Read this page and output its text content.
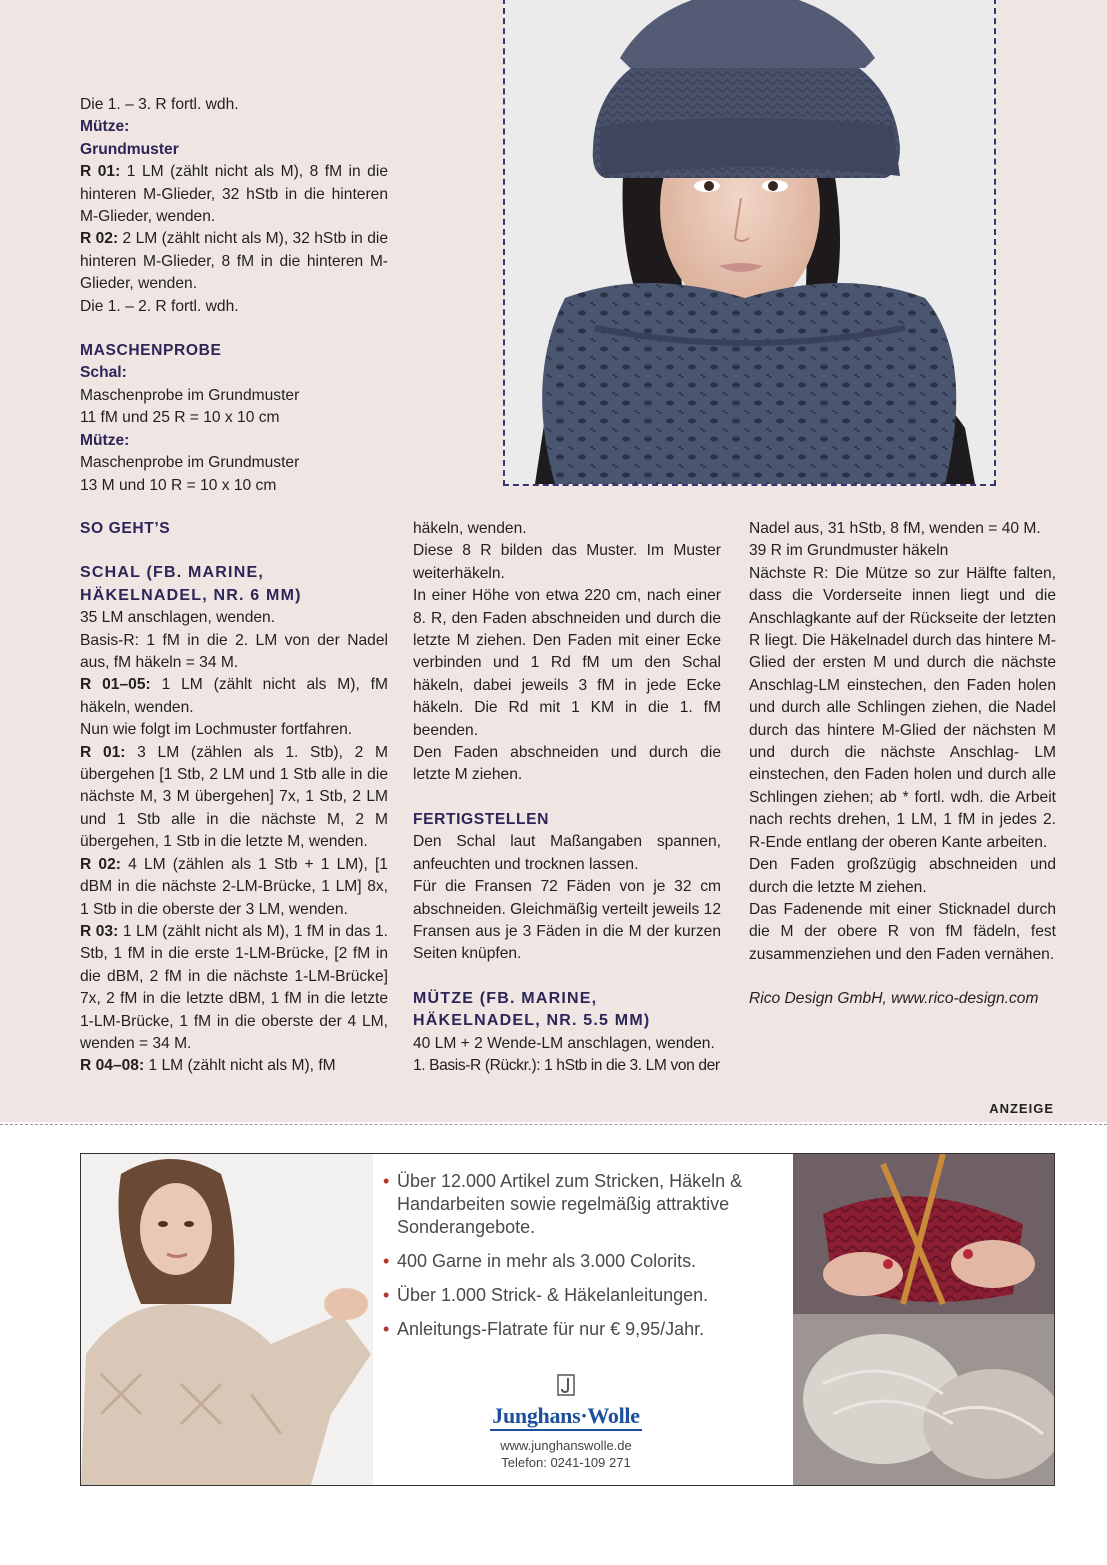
Die 1. – 3. R fortl. wdh.

Mütze:

Grundmuster

R 01: 1 LM (zählt nicht als M), 8 fM in die hinteren M-Glieder, 32 hStb in die hinteren M-Glieder, wenden.

R 02: 2 LM (zählt nicht als M), 32 hStb in die hinteren M-Glieder, 8 fM in die hinteren M-Glieder, wenden.

Die 1. – 2. R fortl. wdh.

MASCHENPROBE

Schal:

Maschenprobe im Grundmuster

11 fM und 25 R = 10 x 10 cm

Mütze:

Maschenprobe im Grundmuster

13 M und 10 R = 10 x 10 cm

SO GEHT’S

SCHAL (FB. MARINE, HÄKELNADEL, NR. 6 MM)

35 LM anschlagen, wenden.

Basis-R: 1 fM in die 2. LM von der Nadel aus, fM häkeln = 34 M.

R 01–05: 1 LM (zählt nicht als M), fM häkeln, wenden.

Nun wie folgt im Lochmuster fortfahren.

R 01: 3 LM (zählen als 1. Stb), 2 M übergehen [1 Stb, 2 LM und 1 Stb alle in die nächste M, 3 M übergehen] 7x, 1 Stb, 2 LM und 1 Stb alle in die nächste M, 2 M übergehen, 1 Stb in die letzte M, wenden.

R 02: 4 LM (zählen als 1 Stb + 1 LM), [1 dBM in die nächste 2-LM-Brücke, 1 LM] 8x, 1 Stb in die oberste der 3 LM, wenden.

R 03: 1 LM (zählt nicht als M), 1 fM in das 1. Stb, 1 fM in die erste 1-LM-Brücke, [2 fM in die dBM, 2 fM in die nächste 1-LM-Brücke] 7x, 2 fM in die letzte dBM, 1 fM in die letzte 1-LM-Brücke, 1 fM in die oberste der 4 LM, wenden = 34 M.

R 04–08: 1 LM (zählt nicht als M), fM

häkeln, wenden.

Diese 8 R bilden das Muster. Im Muster weiterhäkeln.

In einer Höhe von etwa 220 cm, nach einer 8. R, den Faden abschneiden und durch die letzte M ziehen. Den Faden mit einer Ecke verbinden und 1 Rd fM um den Schal häkeln, dabei jeweils 3 fM in jede Ecke häkeln. Die Rd mit 1 KM in die 1. fM beenden.

Den Faden abschneiden und durch die letzte M ziehen.

FERTIGSTELLEN

Den Schal laut Maßangaben spannen, anfeuchten und trocknen lassen.

Für die Fransen 72 Fäden von je 32 cm abschneiden. Gleichmäßig verteilt jeweils 12 Fransen aus je 3 Fäden in die M der kurzen Seiten knüpfen.

MÜTZE (FB. MARINE, HÄKELNADEL, NR. 5.5 MM)

40 LM + 2 Wende-LM anschlagen, wenden.

1. Basis-R (Rückr.): 1 hStb in die 3. LM von der

Nadel aus, 31 hStb, 8 fM, wenden = 40 M.

39 R im Grundmuster häkeln

Nächste R: Die Mütze so zur Hälfte falten, dass die Vorderseite innen liegt und die Anschlagkante auf der Rückseite der letzten R liegt. Die Häkelnadel durch das hintere M-Glied der ersten M und durch die nächste Anschlag-LM einstechen, den Faden holen und durch alle Schlingen ziehen, die Nadel durch das hintere M-Glied der nächsten M und durch die nächste Anschlag- LM einstechen, den Faden holen und durch alle Schlingen ziehen; ab * fortl. wdh. die Arbeit nach rechts drehen, 1 LM, 1 fM in jedes 2. R-Ende entlang der oberen Kante arbeiten.

Den Faden großzügig abschneiden und durch die letzte M ziehen.

Das Fadenende mit einer Sticknadel durch die M der obere R von fM fädeln, fest zusammenziehen und den Faden vernähen.

Rico Design GmbH, www.rico-design.com

ANZEIGE
• Über 12.000 Artikel zum Stricken, Häkeln & Handarbeiten sowie regelmäßig attraktive Sonderangebote.
• 400 Garne in mehr als 3.000 Colorits.
• Über 1.000 Strick- & Häkelanleitungen.
• Anleitungs-Flatrate für nur € 9,95/Jahr.
Junghans·Wolle
www.junghanswolle.de
Telefon: 0241-109 271
